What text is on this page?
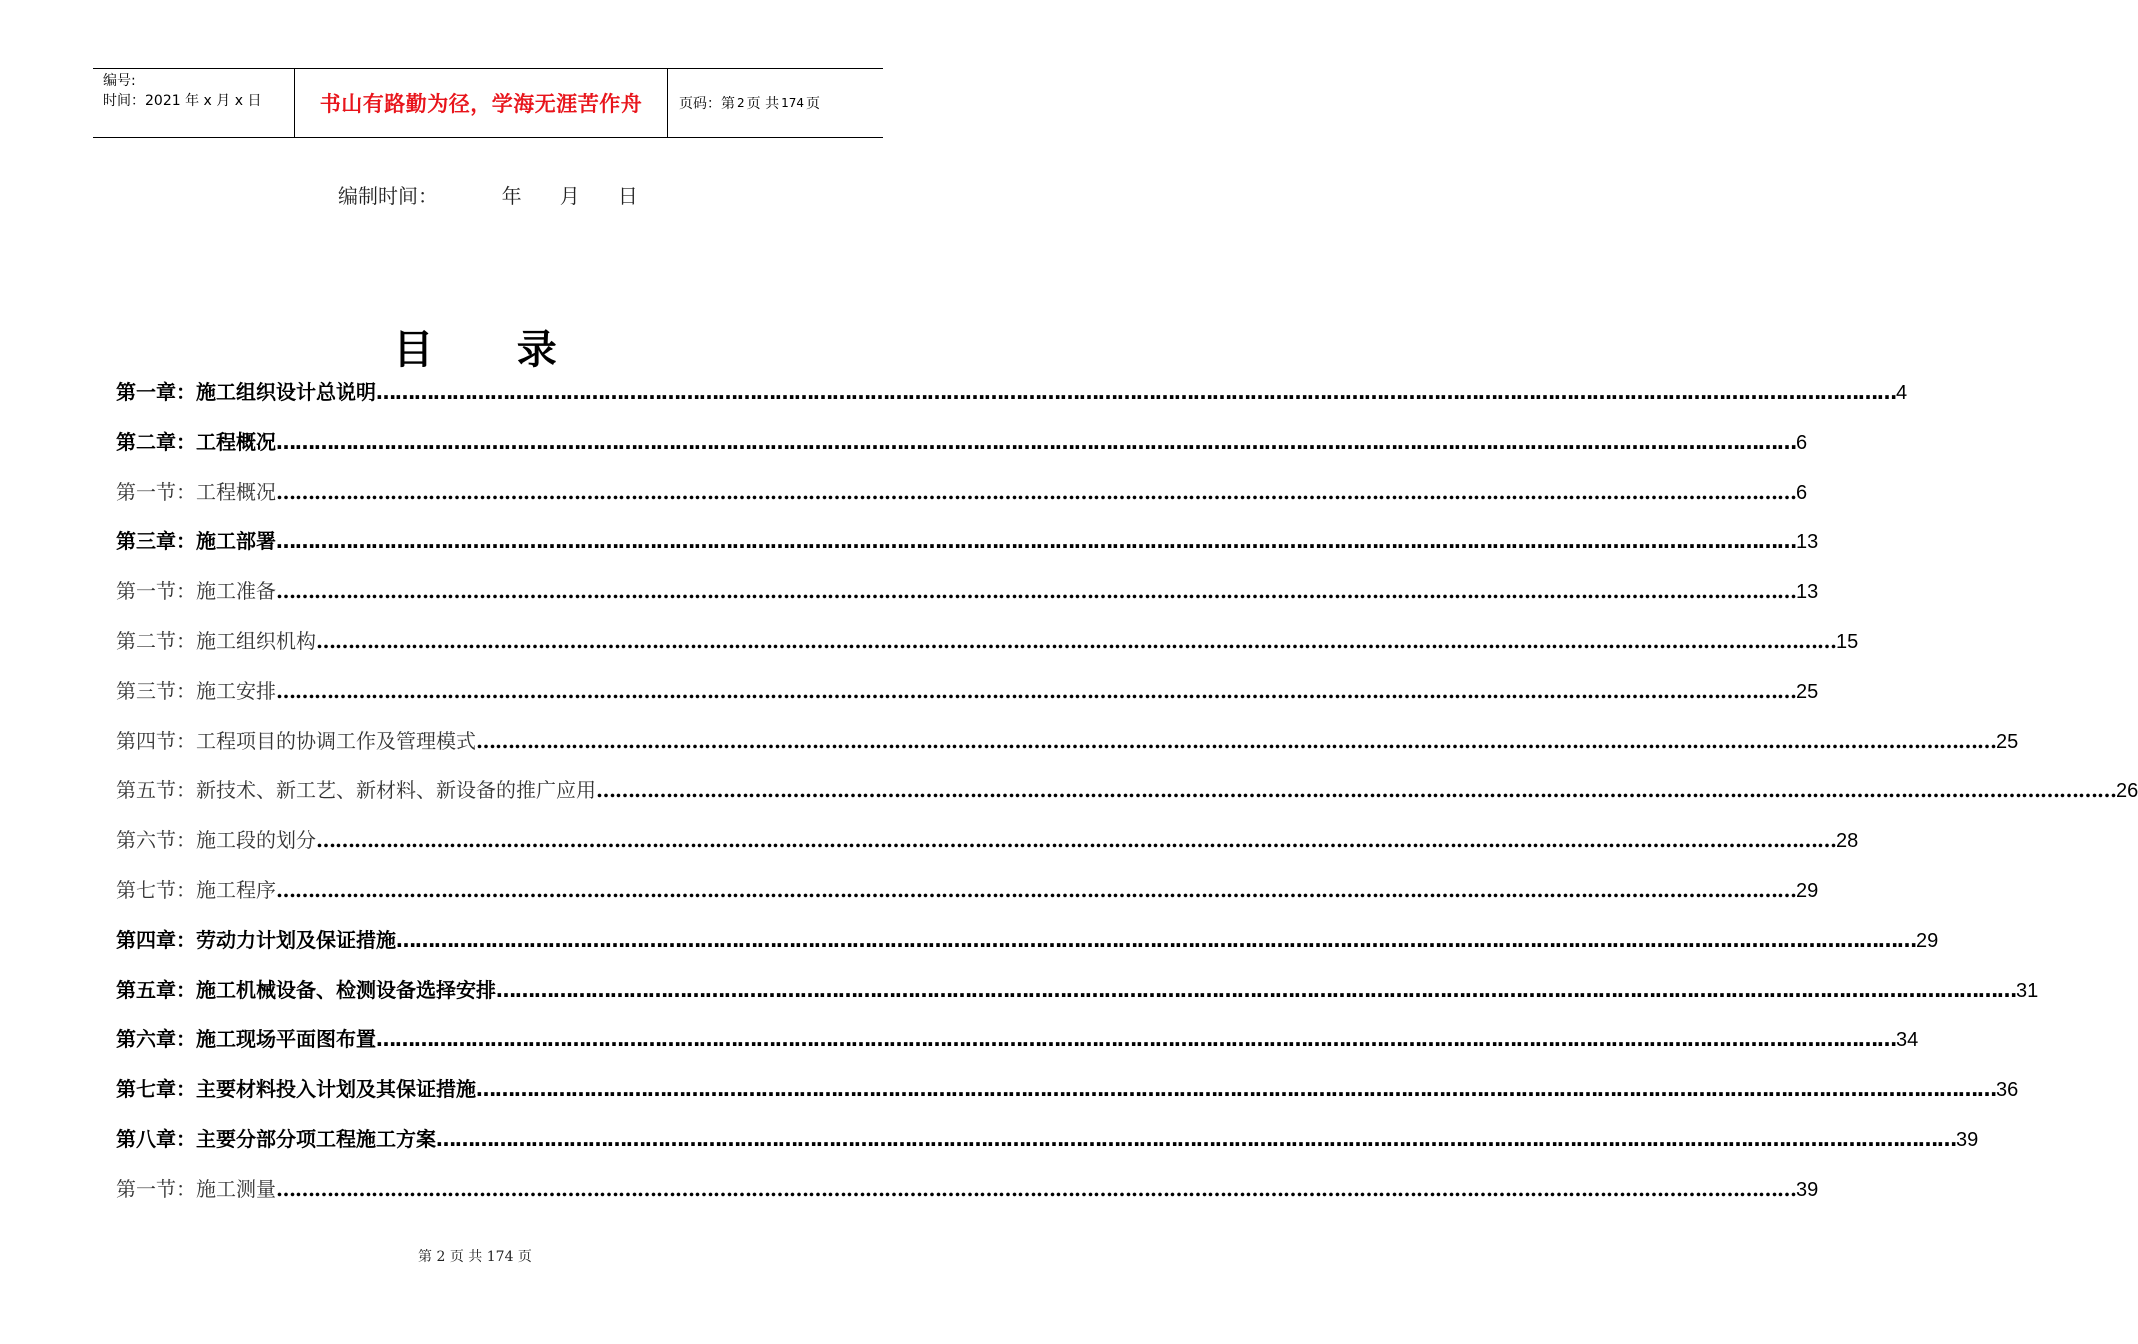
编号:
时间：2021 年 x 月 x 日	书山有路勤为径，学海无涯苦作舟	页码：第 2 页 共 174 页
编制时间：          年      月      日
目      录
第一章：施工组织设计总说明 …………………………………………………………………………………………………………………………………………………………………………………………………………………… 4
第二章：工程概况 …………………………………………………………………………………………………………………………………………………………………………………………………………………… 6
第一节：工程概况 …………………………………………………………………………………………………………………………………………………………………………………………………………………… 6
第三章：施工部署 …………………………………………………………………………………………………………………………………………………………………………………………………………………… 13
第一节：施工准备 …………………………………………………………………………………………………………………………………………………………………………………………………………………… 13
第二节：施工组织机构 …………………………………………………………………………………………………………………………………………………………………………………………………………………… 15
第三节：施工安排 …………………………………………………………………………………………………………………………………………………………………………………………………………………… 25
第四节：工程项目的协调工作及管理模式 …………………………………………………………………………………………………………………………………………………………………………………………………………………… 25
第五节：新技术、新工艺、新材料、新设备的推广应用 …………………………………………………………………………………………………………………………………………………………………………………………………………………… 26
第六节：施工段的划分 …………………………………………………………………………………………………………………………………………………………………………………………………………………… 28
第七节：施工程序 …………………………………………………………………………………………………………………………………………………………………………………………………………………… 29
第四章：劳动力计划及保证措施 …………………………………………………………………………………………………………………………………………………………………………………………………………………… 29
第五章：施工机械设备、检测设备选择安排 …………………………………………………………………………………………………………………………………………………………………………………………………………………… 31
第六章：施工现场平面图布置 …………………………………………………………………………………………………………………………………………………………………………………………………………………… 34
第七章：主要材料投入计划及其保证措施 …………………………………………………………………………………………………………………………………………………………………………………………………………………… 36
第八章：主要分部分项工程施工方案 …………………………………………………………………………………………………………………………………………………………………………………………………………………… 39
第一节：施工测量 …………………………………………………………………………………………………………………………………………………………………………………………………………………… 39
第 2 页 共 174 页
